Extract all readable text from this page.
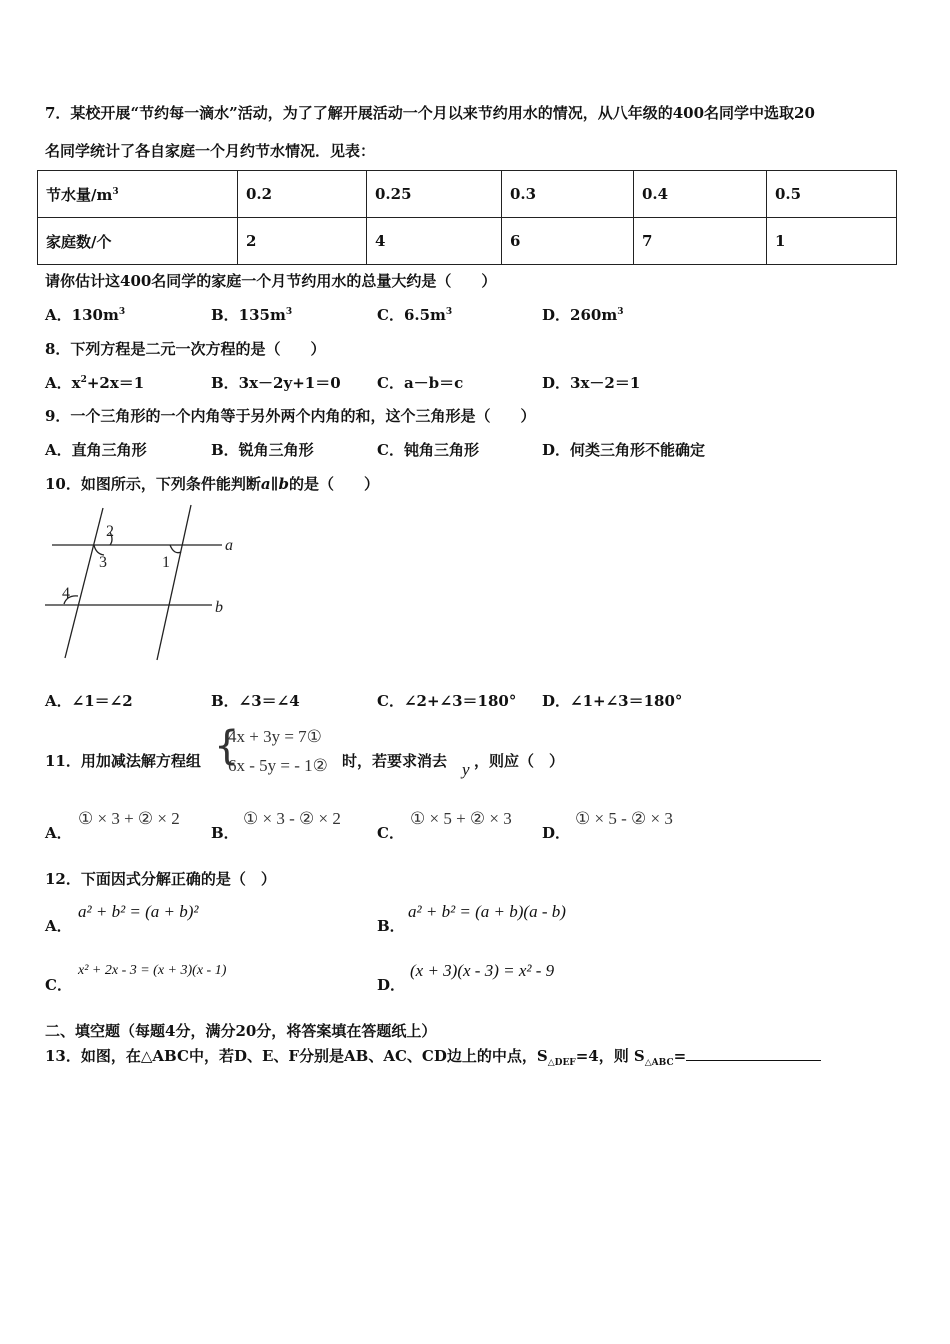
7．某校开展“节约每一滴水”活动，为了了解开展活动一个月以来节约用水的情况，从八年级的400名同学中选取20
名同学统计了各自家庭一个月约节水情况．见表：
节水量$/m^3$	0.2	0.25	0.3	0.4	0.5
家庭数/个	2	4	6	7	1
请你估计这400名同学的家庭一个月节约用水的总量大约是（　　）
A．$130m^3$	B．$135m^3$	C．$6.5m^3$	D．$260m^3$
8．下列方程是二元一次方程的是（　　）
A．$x^2+2x=1$	B．3x－2y+1＝0 C．a－b＝c	D．3x－2＝1
9．一个三角形的一个内角等于另外两个内角的和，这个三角形是（　　）
A．直角三角形	B．锐角三角形	C．钝角三角形	D．何类三角形不能确定
10．如图所示，下列条件能判断a∥b的是（　　）
2
3	1
4
a
b
A．∠1＝∠2	B．∠3＝∠4	C．∠2+∠3＝180° D．∠1+∠3＝180°
11．用加减法解方程组 {
4x + 3y = 7①
6x - 5y = - 1② 时，若要求消去 y ，则应（　）
A．
① × 3 + ② × 2
B．
① × 3 - ② × 2
C．
① × 5 + ② × 3
D．
① × 5 - ② × 3
12．下面因式分解正确的是（　）
A．
a² + b² = (a + b)²
B．
a² + b² = (a + b)(a - b)
C．
x² + 2x - 3 = (x + 3)(x - 1)
D．
(x + 3)(x - 3) = x² - 9
二、填空题（每题4分，满分20分，将答案填在答题纸上）
13．如图，在△ABC中，若D、E、F分别是AB、AC、CD边上的中点，$S_{\triangle DEF}=4$，则 $S_{\triangle ABC}=$
